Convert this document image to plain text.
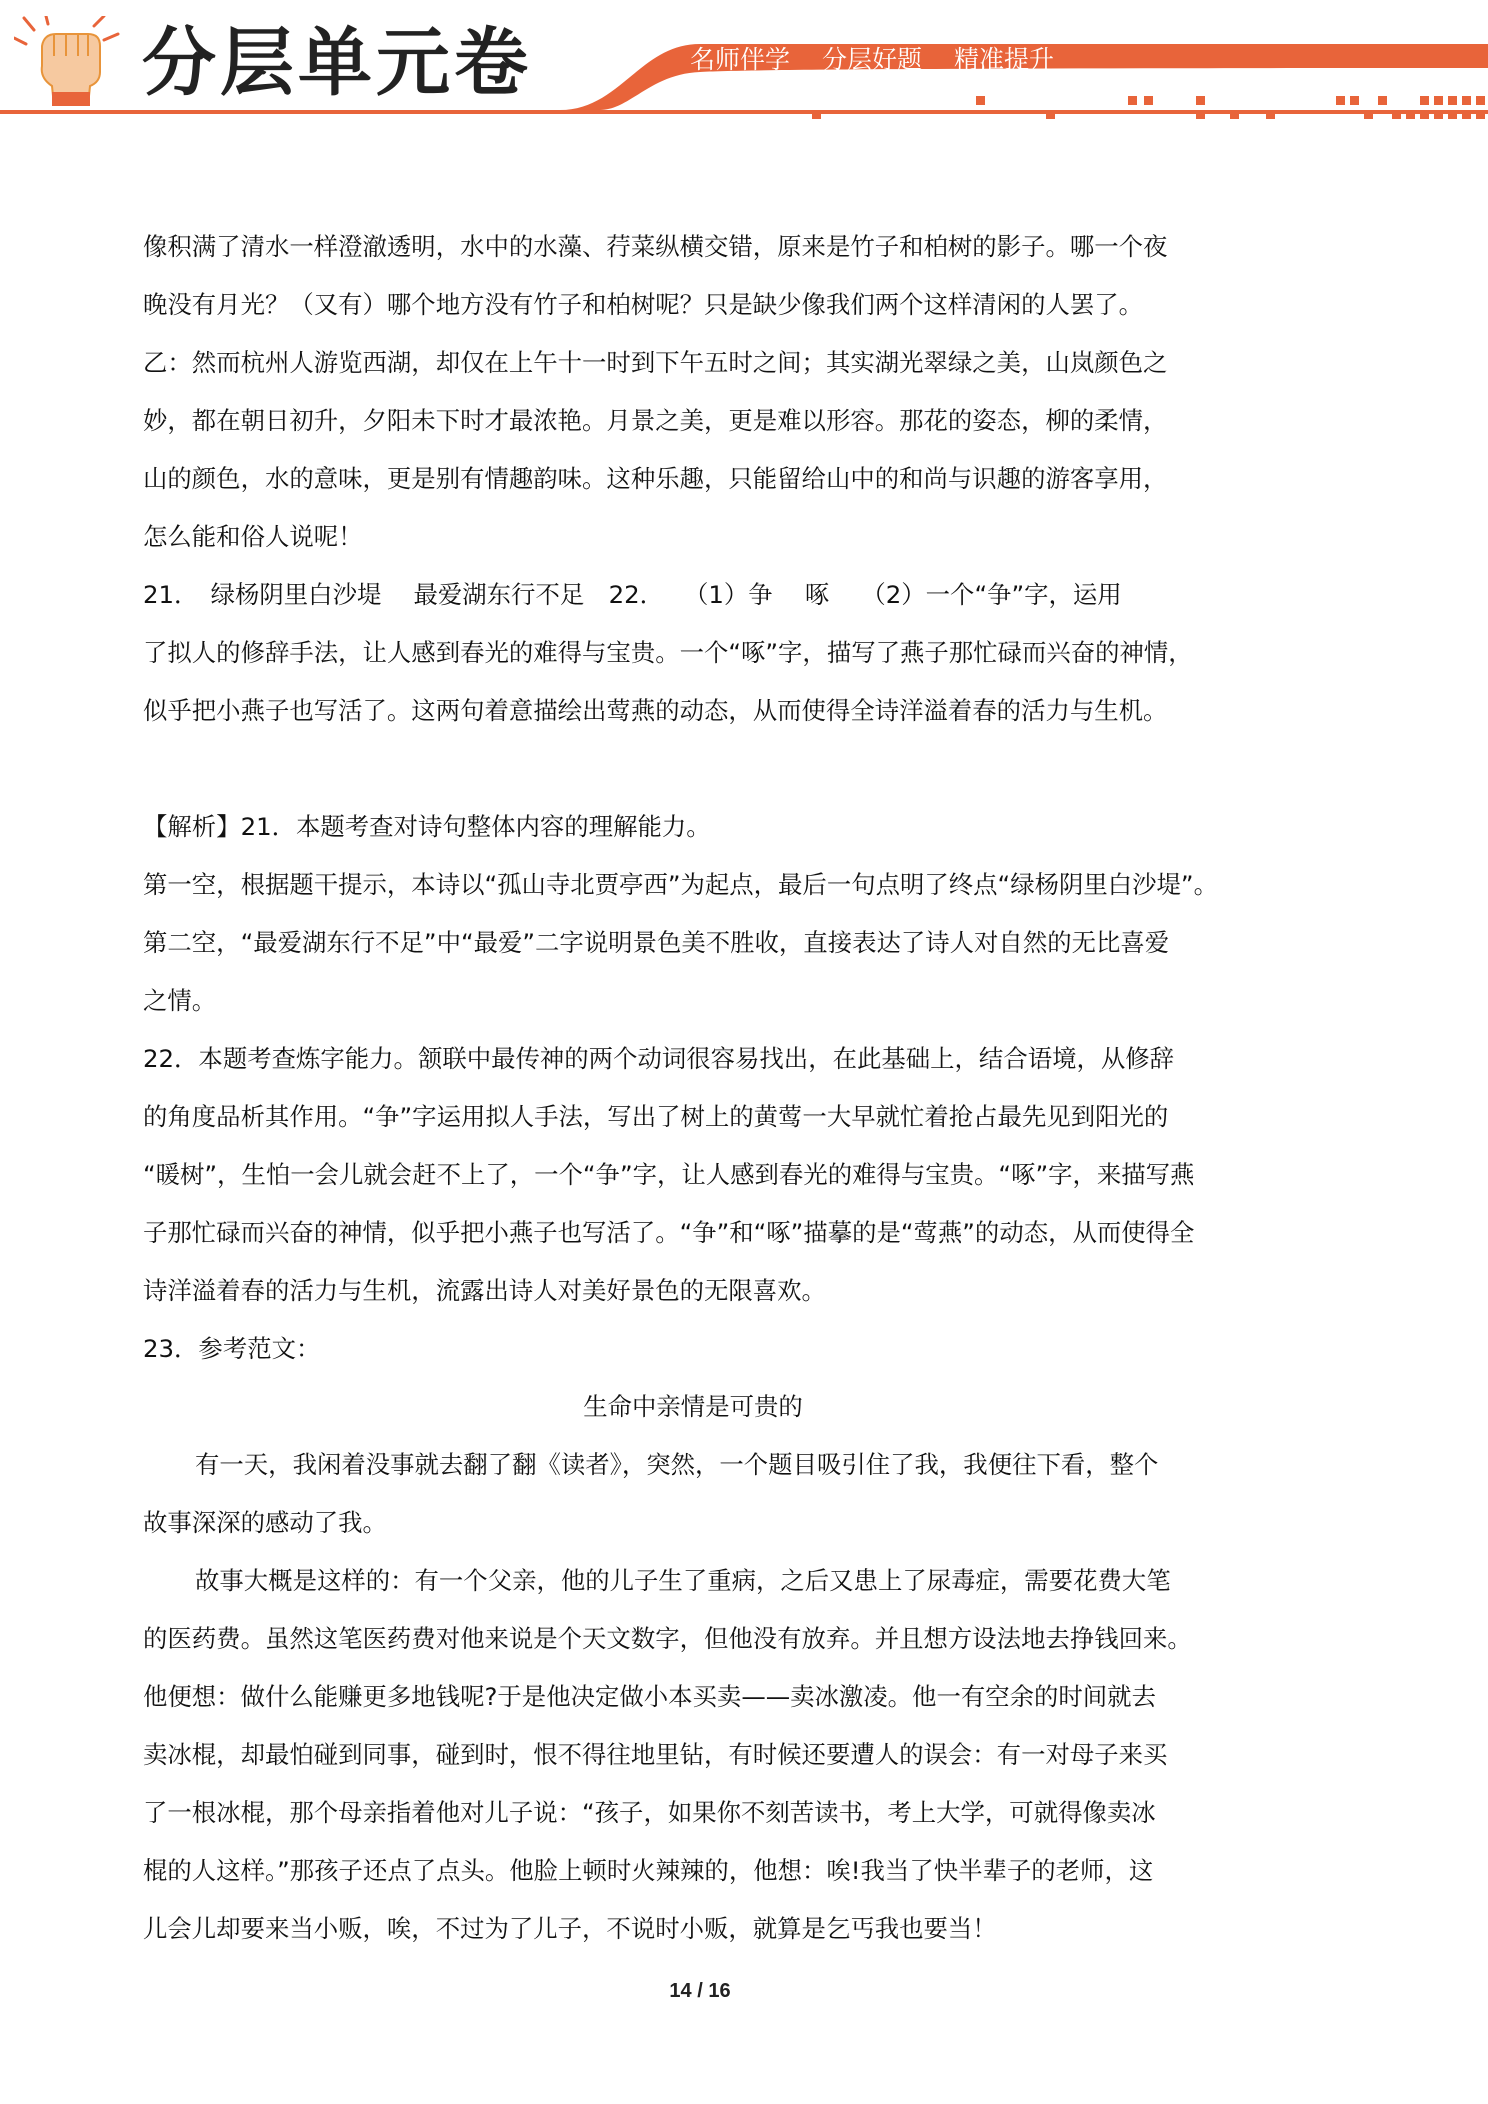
分层单元卷	名师伴学 分层好题 精准提升

像积满了清水一样澄澈透明，水中的水藻、荇菜纵横交错，原来是竹子和柏树的影子。哪一个夜

晚没有月光？（又有）哪个地方没有竹子和柏树呢？只是缺少像我们两个这样清闲的人罢了。

乙：然而杭州人游览西湖，却仅在上午十一时到下午五时之间；其实湖光翠绿之美，山岚颜色之

妙，都在朝日初升，夕阳未下时才最浓艳。月景之美，更是难以形容。那花的姿态，柳的柔情，

山的颜色，水的意味，更是别有情趣韵味。这种乐趣，只能留给山中的和尚与识趣的游客享用，

怎么能和俗人说呢！

21．　绿杨阴里白沙堤　 最爱湖东行不足　22．　 （1）争　 啄　 （2）一个“争”字，运用

了拟人的修辞手法，让人感到春光的难得与宝贵。一个“啄”字，描写了燕子那忙碌而兴奋的神情，

似乎把小燕子也写活了。这两句着意描绘出莺燕的动态，从而使得全诗洋溢着春的活力与生机。

【解析】21．本题考查对诗句整体内容的理解能力。

第一空，根据题干提示，本诗以“孤山寺北贾亭西”为起点，最后一句点明了终点“绿杨阴里白沙堤”。

第二空，“最爱湖东行不足”中“最爱”二字说明景色美不胜收，直接表达了诗人对自然的无比喜爱

之情。

22．本题考查炼字能力。颔联中最传神的两个动词很容易找出，在此基础上，结合语境，从修辞

的角度品析其作用。“争”字运用拟人手法，写出了树上的黄莺一大早就忙着抢占最先见到阳光的

“暖树”，生怕一会儿就会赶不上了，一个“争”字，让人感到春光的难得与宝贵。“啄”字，来描写燕

子那忙碌而兴奋的神情，似乎把小燕子也写活了。“争”和“啄”描摹的是“莺燕”的动态，从而使得全

诗洋溢着春的活力与生机，流露出诗人对美好景色的无限喜欢。

23．参考范文：

生命中亲情是可贵的

有一天，我闲着没事就去翻了翻《读者》，突然，一个题目吸引住了我，我便往下看，整个

故事深深的感动了我。

故事大概是这样的：有一个父亲，他的儿子生了重病，之后又患上了尿毒症，需要花费大笔

的医药费。虽然这笔医药费对他来说是个天文数字，但他没有放弃。并且想方设法地去挣钱回来。

他便想：做什么能赚更多地钱呢?于是他决定做小本买卖——卖冰激凌。他一有空余的时间就去

卖冰棍，却最怕碰到同事，碰到时，恨不得往地里钻，有时候还要遭人的误会：有一对母子来买

了一根冰棍，那个母亲指着他对儿子说：“孩子，如果你不刻苦读书，考上大学，可就得像卖冰

棍的人这样。”那孩子还点了点头。他脸上顿时火辣辣的，他想：唉!我当了快半辈子的老师，这

儿会儿却要来当小贩，唉，不过为了儿子，不说时小贩，就算是乞丐我也要当！

14 / 16
